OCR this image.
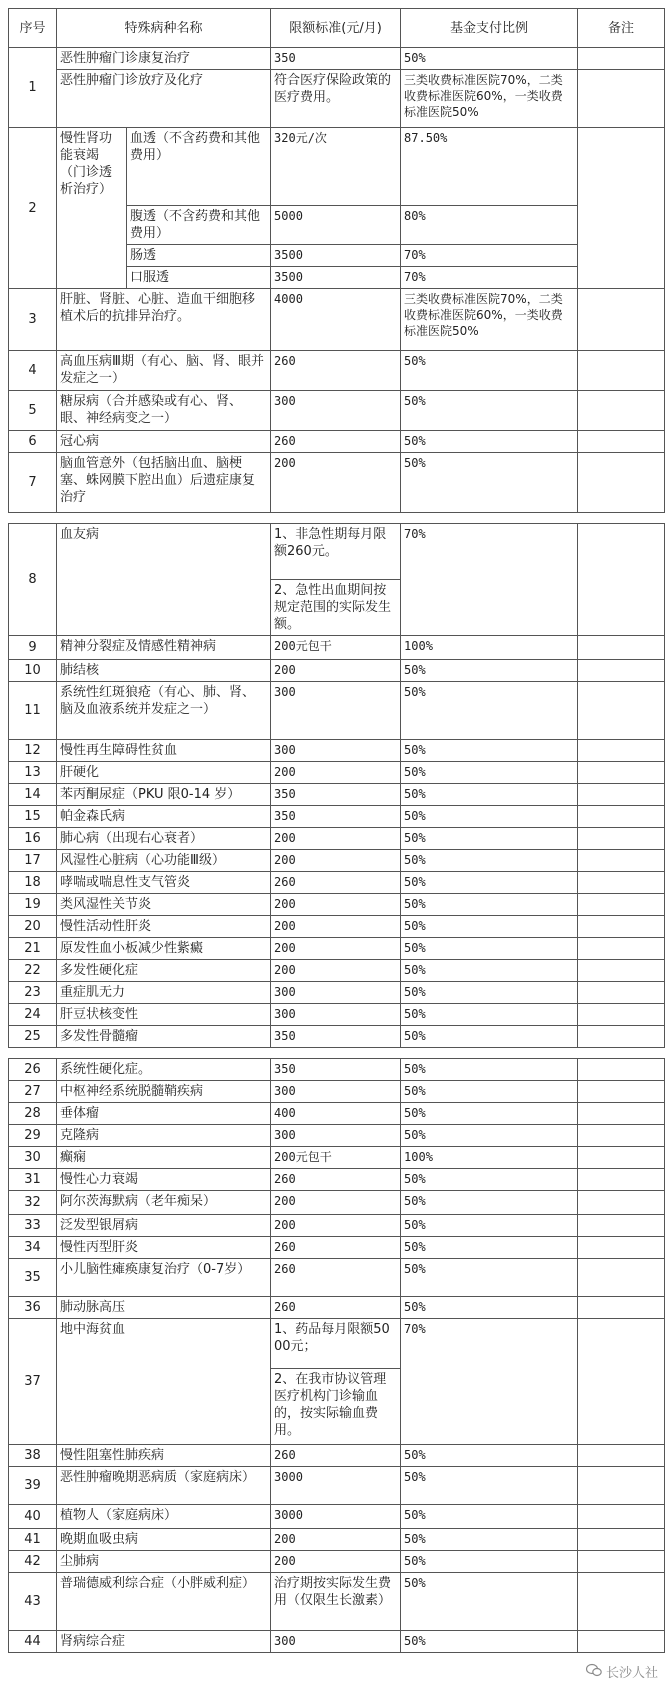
序号	特殊病种名称		限额标准(元/月)	基金支付比例	备注
1	恶性肿瘤门诊康复治疗		350	50%	
	恶性肿瘤门诊放疗及化疗		符合医疗保险政策的医疗费用。	三类收费标准医院70%，二类收费标准医院60%，一类收费标准医院50%	
2	慢性肾功能衰竭（门诊透析治疗）	血透（不含药费和其他费用）	320元/次	87.50%	
		腹透（不含药费和其他费用）	5000	80%	
		肠透	3500	70%	
		口服透	3500	70%	
3	肝脏、肾脏、心脏、造血干细胞移植术后的抗排异治疗。		4000	三类收费标准医院70%，二类收费标准医院60%，一类收费标准医院50%	
4	高血压病Ⅲ期（有心、脑、肾、眼并发症之一）		260	50%	
5	糖尿病（合并感染或有心、肾、眼、神经病变之一）		300	50%	
6	冠心病		260	50%	
7	脑血管意外（包括脑出血、脑梗塞、蛛网膜下腔出血）后遗症康复治疗		200	50%	

8	血友病		1、非急性期每月限额260元。	70%	
			2、急性出血期间按规定范围的实际发生额。		
9	精神分裂症及情感性精神病		200元包干	100%	
10	肺结核		200	50%	
11	系统性红斑狼疮（有心、肺、肾、脑及血液系统并发症之一）		300	50%	
12	慢性再生障碍性贫血		300	50%	
13	肝硬化		200	50%	
14	苯丙酮尿症（PKU 限0-14 岁）		350	50%	
15	帕金森氏病		350	50%	
16	肺心病（出现右心衰者）		200	50%	
17	风湿性心脏病（心功能Ⅲ级）		200	50%	
18	哮喘或喘息性支气管炎		260	50%	
19	类风湿性关节炎		200	50%	
20	慢性活动性肝炎		200	50%	
21	原发性血小板减少性紫癜		200	50%	
22	多发性硬化症		200	50%	
23	重症肌无力		300	50%	
24	肝豆状核变性		300	50%	
25	多发性骨髓瘤		350	50%	

26	系统性硬化症。		350	50%	
27	中枢神经系统脱髓鞘疾病		300	50%	
28	垂体瘤		400	50%	
29	克隆病		300	50%	
30	癫痫		200元包干	100%	
31	慢性心力衰竭		260	50%	
32	阿尔茨海默病（老年痴呆）		200	50%	
33	泛发型银屑病		200	50%	
34	慢性丙型肝炎		260	50%	
35	小儿脑性瘫痪康复治疗（0-7岁）		260	50%	
36	肺动脉高压		260	50%	
37	地中海贫血		1、药品每月限额5000元；	70%	
			2、在我市协议管理医疗机构门诊输血的，按实际输血费用。		
38	慢性阻塞性肺疾病		260	50%	
39	恶性肿瘤晚期恶病质（家庭病床）		3000	50%	
40	植物人（家庭病床）		3000	50%	
41	晚期血吸虫病		200	50%	
42	尘肺病		200	50%	
43	普瑞德威利综合症（小胖威利症）		治疗期按实际发生费用（仅限生长激素）	50%	
44	肾病综合症		300	50%	
长沙人社
